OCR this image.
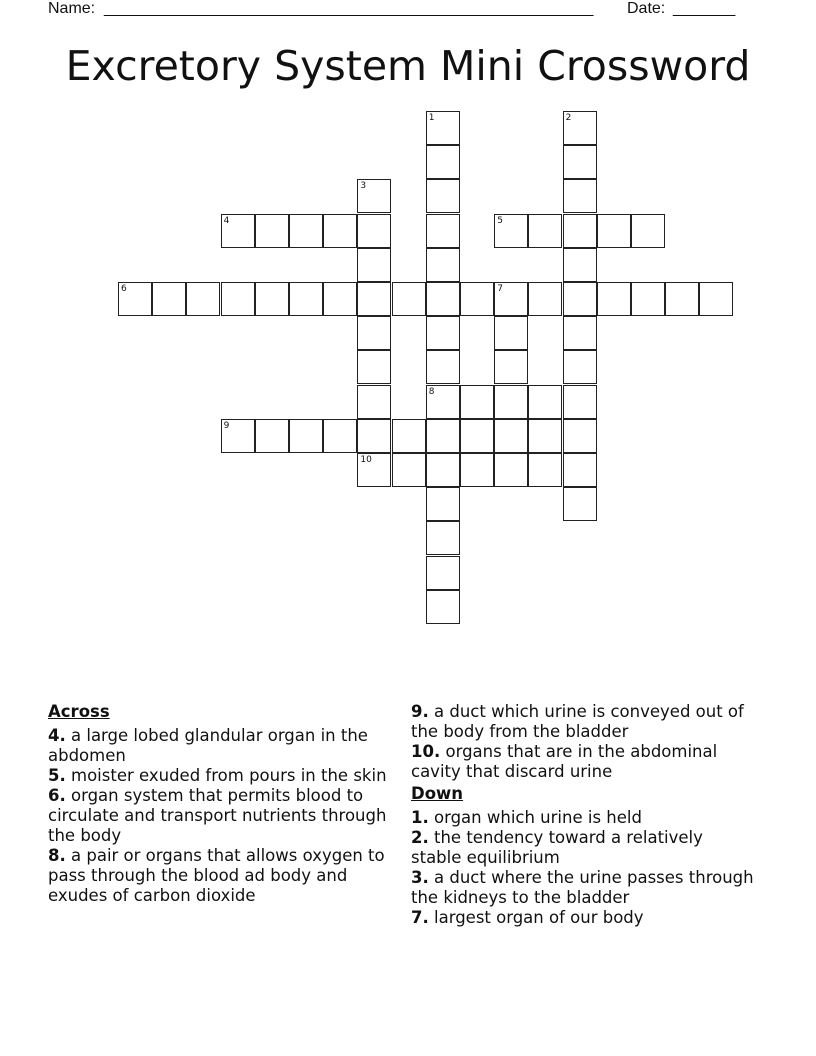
Name: _______________________________________________________ Date: _______
Excretory System Mini Crossword
1
8
2
3
4	5
6	7
9
10
Across
4. a large lobed glandular organ in the abdomen
5. moister exuded from pours in the skin
6. organ system that permits blood to circulate and transport nutrients through the body
8. a pair or organs that allows oxygen to pass through the blood ad body and exudes of carbon dioxide
9. a duct which urine is conveyed out of the body from the bladder
10. organs that are in the abdominal cavity that discard urine
Down
1. organ which urine is held
2. the tendency toward a relatively stable equilibrium
3. a duct where the urine passes through the kidneys to the bladder
7. largest organ of our body
